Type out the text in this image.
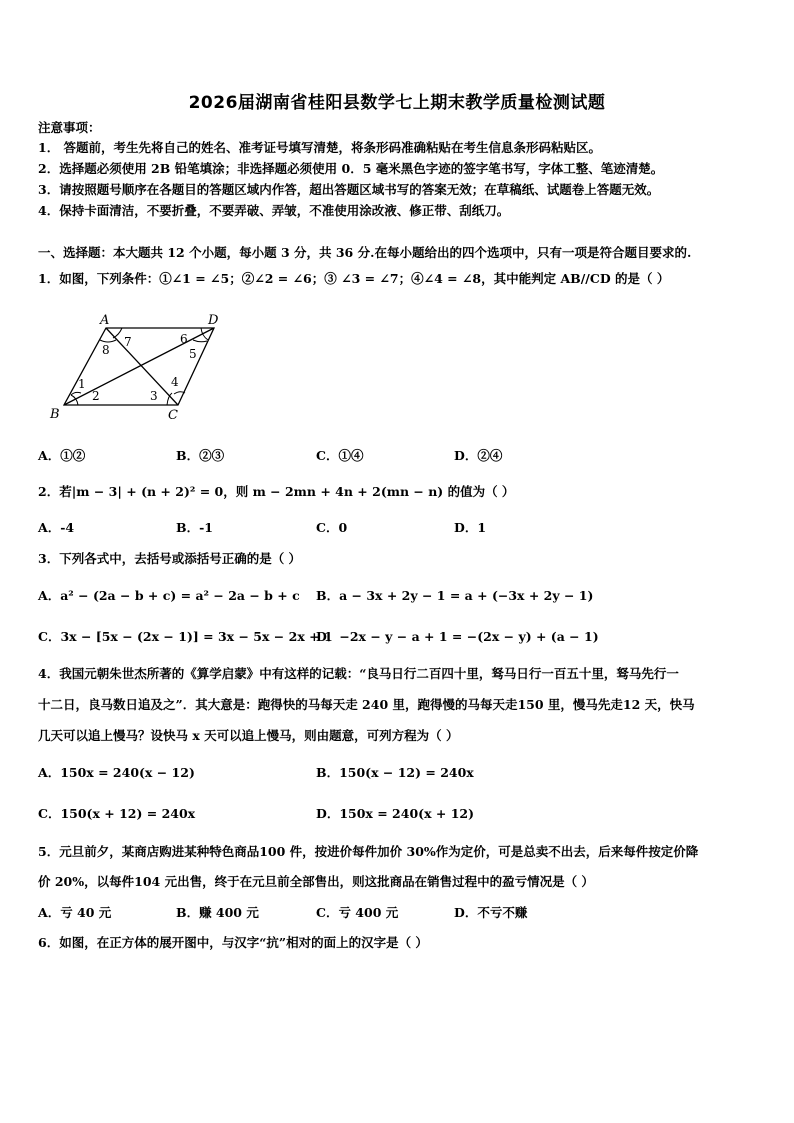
2026届湖南省桂阳县数学七上期末教学质量检测试题
注意事项：
1． 答题前，考生先将自己的姓名、准考证号填写清楚，将条形码准确粘贴在考生信息条形码粘贴区。
2．选择题必须使用 2B 铅笔填涂；非选择题必须使用 0．5 毫米黑色字迹的签字笔书写，字体工整、笔迹清楚。
3．请按照题号顺序在各题目的答题区域内作答，超出答题区域书写的答案无效；在草稿纸、试题卷上答题无效。
4．保持卡面清洁，不要折叠，不要弄破、弄皱，不准使用涂改液、修正带、刮纸刀。
一、选择题：本大题共 12 个小题，每小题 3 分，共 36 分.在每小题给出的四个选项中，只有一项是符合题目要求的.
1．如图，下列条件：①∠1 = ∠5；②∠2 = ∠6；③ ∠3 = ∠7；④∠4 = ∠8，其中能判定 AB//CD 的是（ ）
A	D
B	C
1
2	3
4
5
6
7
8
A．①②	B．②③	C．①④	D．②④
2．若|m − 3| + (n + 2)² = 0，则 m − 2mn + 4n + 2(mn − n) 的值为（ ）
A．-4	B．-1	C．0	D．1
3．下列各式中，去括号或添括号正确的是（ ）
A．a² − (2a − b + c) = a² − 2a − b + c B．a − 3x + 2y − 1 = a + (−3x + 2y − 1)
C．3x − [5x − (2x − 1)] = 3x − 5x − 2x + 1
D．−2x − y − a + 1 = −(2x − y) + (a − 1)
4．我国元朝朱世杰所著的《算学启蒙》中有这样的记载：“良马日行二百四十里，驽马日行一百五十里，驽马先行一
十二日，良马数日追及之”．其大意是：跑得快的马每天走 240 里，跑得慢的马每天走150 里，慢马先走12 天，快马
几天可以追上慢马？设快马 x 天可以追上慢马，则由题意，可列方程为（ ）
A．150x = 240(x − 12)	B．150(x − 12) = 240x
C．150(x + 12) = 240x	D．150x = 240(x + 12)
5．元旦前夕，某商店购进某种特色商品100 件，按进价每件加价 30%作为定价，可是总卖不出去，后来每件按定价降
价 20%，以每件104 元出售，终于在元旦前全部售出，则这批商品在销售过程中的盈亏情况是（ ）
A．亏 40 元	B．赚 400 元	C．亏 400 元	D．不亏不赚
6．如图，在正方体的展开图中，与汉字“抗”相对的面上的汉字是（ ）
